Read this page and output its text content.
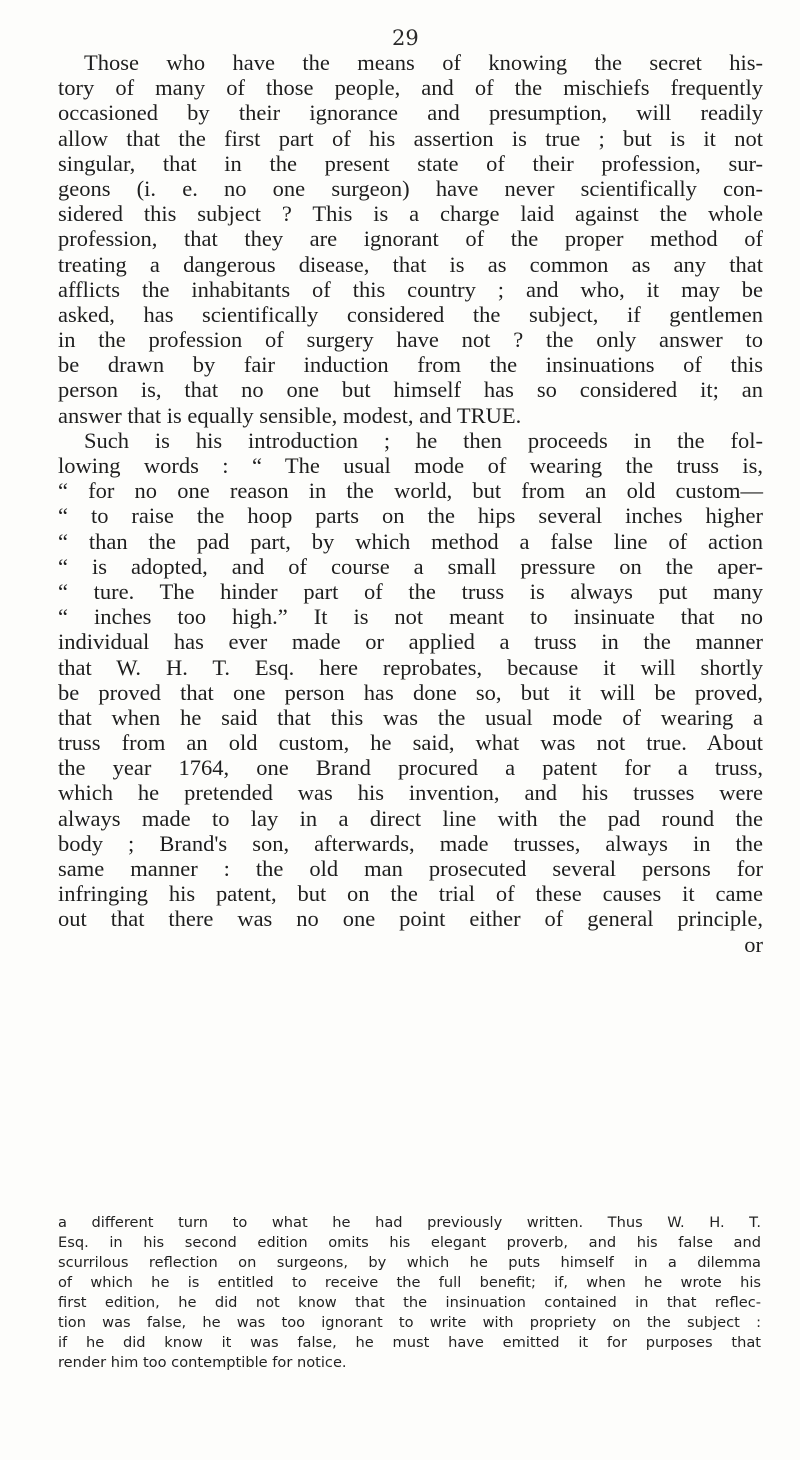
29
Those who have the means of knowing the secret his-
tory of many of those people, and of the mischiefs frequently
occasioned by their ignorance and presumption, will readily
allow that the first part of his assertion is true ; but is it not
singular, that in the present state of their profession, sur-
geons (i. e. no one surgeon) have never scientifically con-
sidered this subject ? This is a charge laid against the whole
profession, that they are ignorant of the proper method of
treating a dangerous disease, that is as common as any that
afflicts the inhabitants of this country ; and who, it may be
asked, has scientifically considered the subject, if gentlemen
in the profession of surgery have not ? the only answer to
be drawn by fair induction from the insinuations of this
person is, that no one but himself has so considered it; an
answer that is equally sensible, modest, and TRUE.
Such is his introduction ; he then proceeds in the fol-
lowing words : “ The usual mode of wearing the truss is,
“ for no one reason in the world, but from an old custom—
“ to raise the hoop parts on the hips several inches higher
“ than the pad part, by which method a false line of action
“ is adopted, and of course a small pressure on the aper-
“ ture. The hinder part of the truss is always put many
“ inches too high.” It is not meant to insinuate that no
individual has ever made or applied a truss in the manner
that W. H. T. Esq. here reprobates, because it will shortly
be proved that one person has done so, but it will be proved,
that when he said that this was the usual mode of wearing a
truss from an old custom, he said, what was not true. About
the year 1764, one Brand procured a patent for a truss,
which he pretended was his invention, and his trusses were
always made to lay in a direct line with the pad round the
body ; Brand's son, afterwards, made trusses, always in the
same manner : the old man prosecuted several persons for
infringing his patent, but on the trial of these causes it came
out that there was no one point either of general principle,
or
a different turn to what he had previously written. Thus W. H. T.
Esq. in his second edition omits his elegant proverb, and his false and
scurrilous reflection on surgeons, by which he puts himself in a dilemma
of which he is entitled to receive the full benefit; if, when he wrote his
first edition, he did not know that the insinuation contained in that reflec-
tion was false, he was too ignorant to write with propriety on the subject :
if he did know it was false, he must have emitted it for purposes that
render him too contemptible for notice.
